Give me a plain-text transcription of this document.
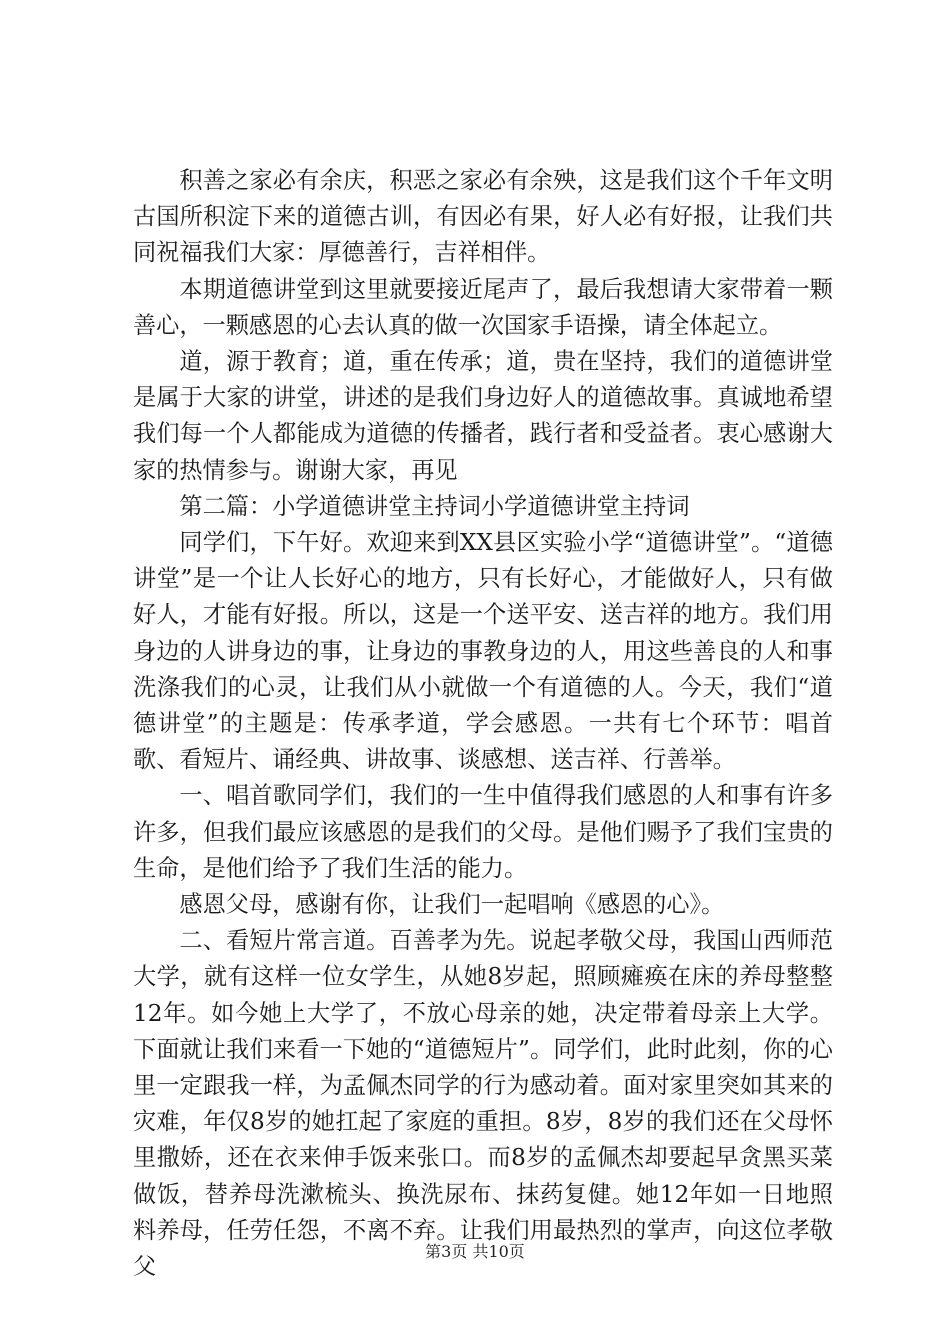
积善之家必有余庆，积恶之家必有余殃，这是我们这个千年文明古国所积淀下来的道德古训，有因必有果，好人必有好报，让我们共同祝福我们大家：厚德善行，吉祥相伴。

本期道德讲堂到这里就要接近尾声了，最后我想请大家带着一颗善心，一颗感恩的心去认真的做一次国家手语操，请全体起立。

道，源于教育；道，重在传承；道，贵在坚持，我们的道德讲堂是属于大家的讲堂，讲述的是我们身边好人的道德故事。真诚地希望我们每一个人都能成为道德的传播者，践行者和受益者。衷心感谢大家的热情参与。谢谢大家，再见

第二篇：小学道德讲堂主持词小学道德讲堂主持词

同学们，下午好。欢迎来到XX县区实验小学“道德讲堂”。“道德讲堂”是一个让人长好心的地方，只有长好心，才能做好人，只有做好人，才能有好报。所以，这是一个送平安、送吉祥的地方。我们用身边的人讲身边的事，让身边的事教身边的人，用这些善良的人和事洗涤我们的心灵，让我们从小就做一个有道德的人。今天，我们“道德讲堂”的主题是：传承孝道，学会感恩。一共有七个环节：唱首歌、看短片、诵经典、讲故事、谈感想、送吉祥、行善举。

一、唱首歌同学们，我们的一生中值得我们感恩的人和事有许多许多，但我们最应该感恩的是我们的父母。是他们赐予了我们宝贵的生命，是他们给予了我们生活的能力。

感恩父母，感谢有你，让我们一起唱响《感恩的心》。

二、看短片常言道。百善孝为先。说起孝敬父母，我国山西师范大学，就有这样一位女学生，从她8岁起，照顾瘫痪在床的养母整整12年。如今她上大学了，不放心母亲的她，决定带着母亲上大学。下面就让我们来看一下她的“道德短片”。同学们，此时此刻，你的心里一定跟我一样，为孟佩杰同学的行为感动着。面对家里突如其来的灾难，年仅8岁的她扛起了家庭的重担。8岁，8岁的我们还在父母怀里撒娇，还在衣来伸手饭来张口。而8岁的孟佩杰却要起早贪黑买菜做饭，替养母洗漱梳头、换洗尿布、抹药复健。她12年如一日地照料养母，任劳任怨，不离不弃。让我们用最热烈的掌声，向这位孝敬父

第3页 共10页
